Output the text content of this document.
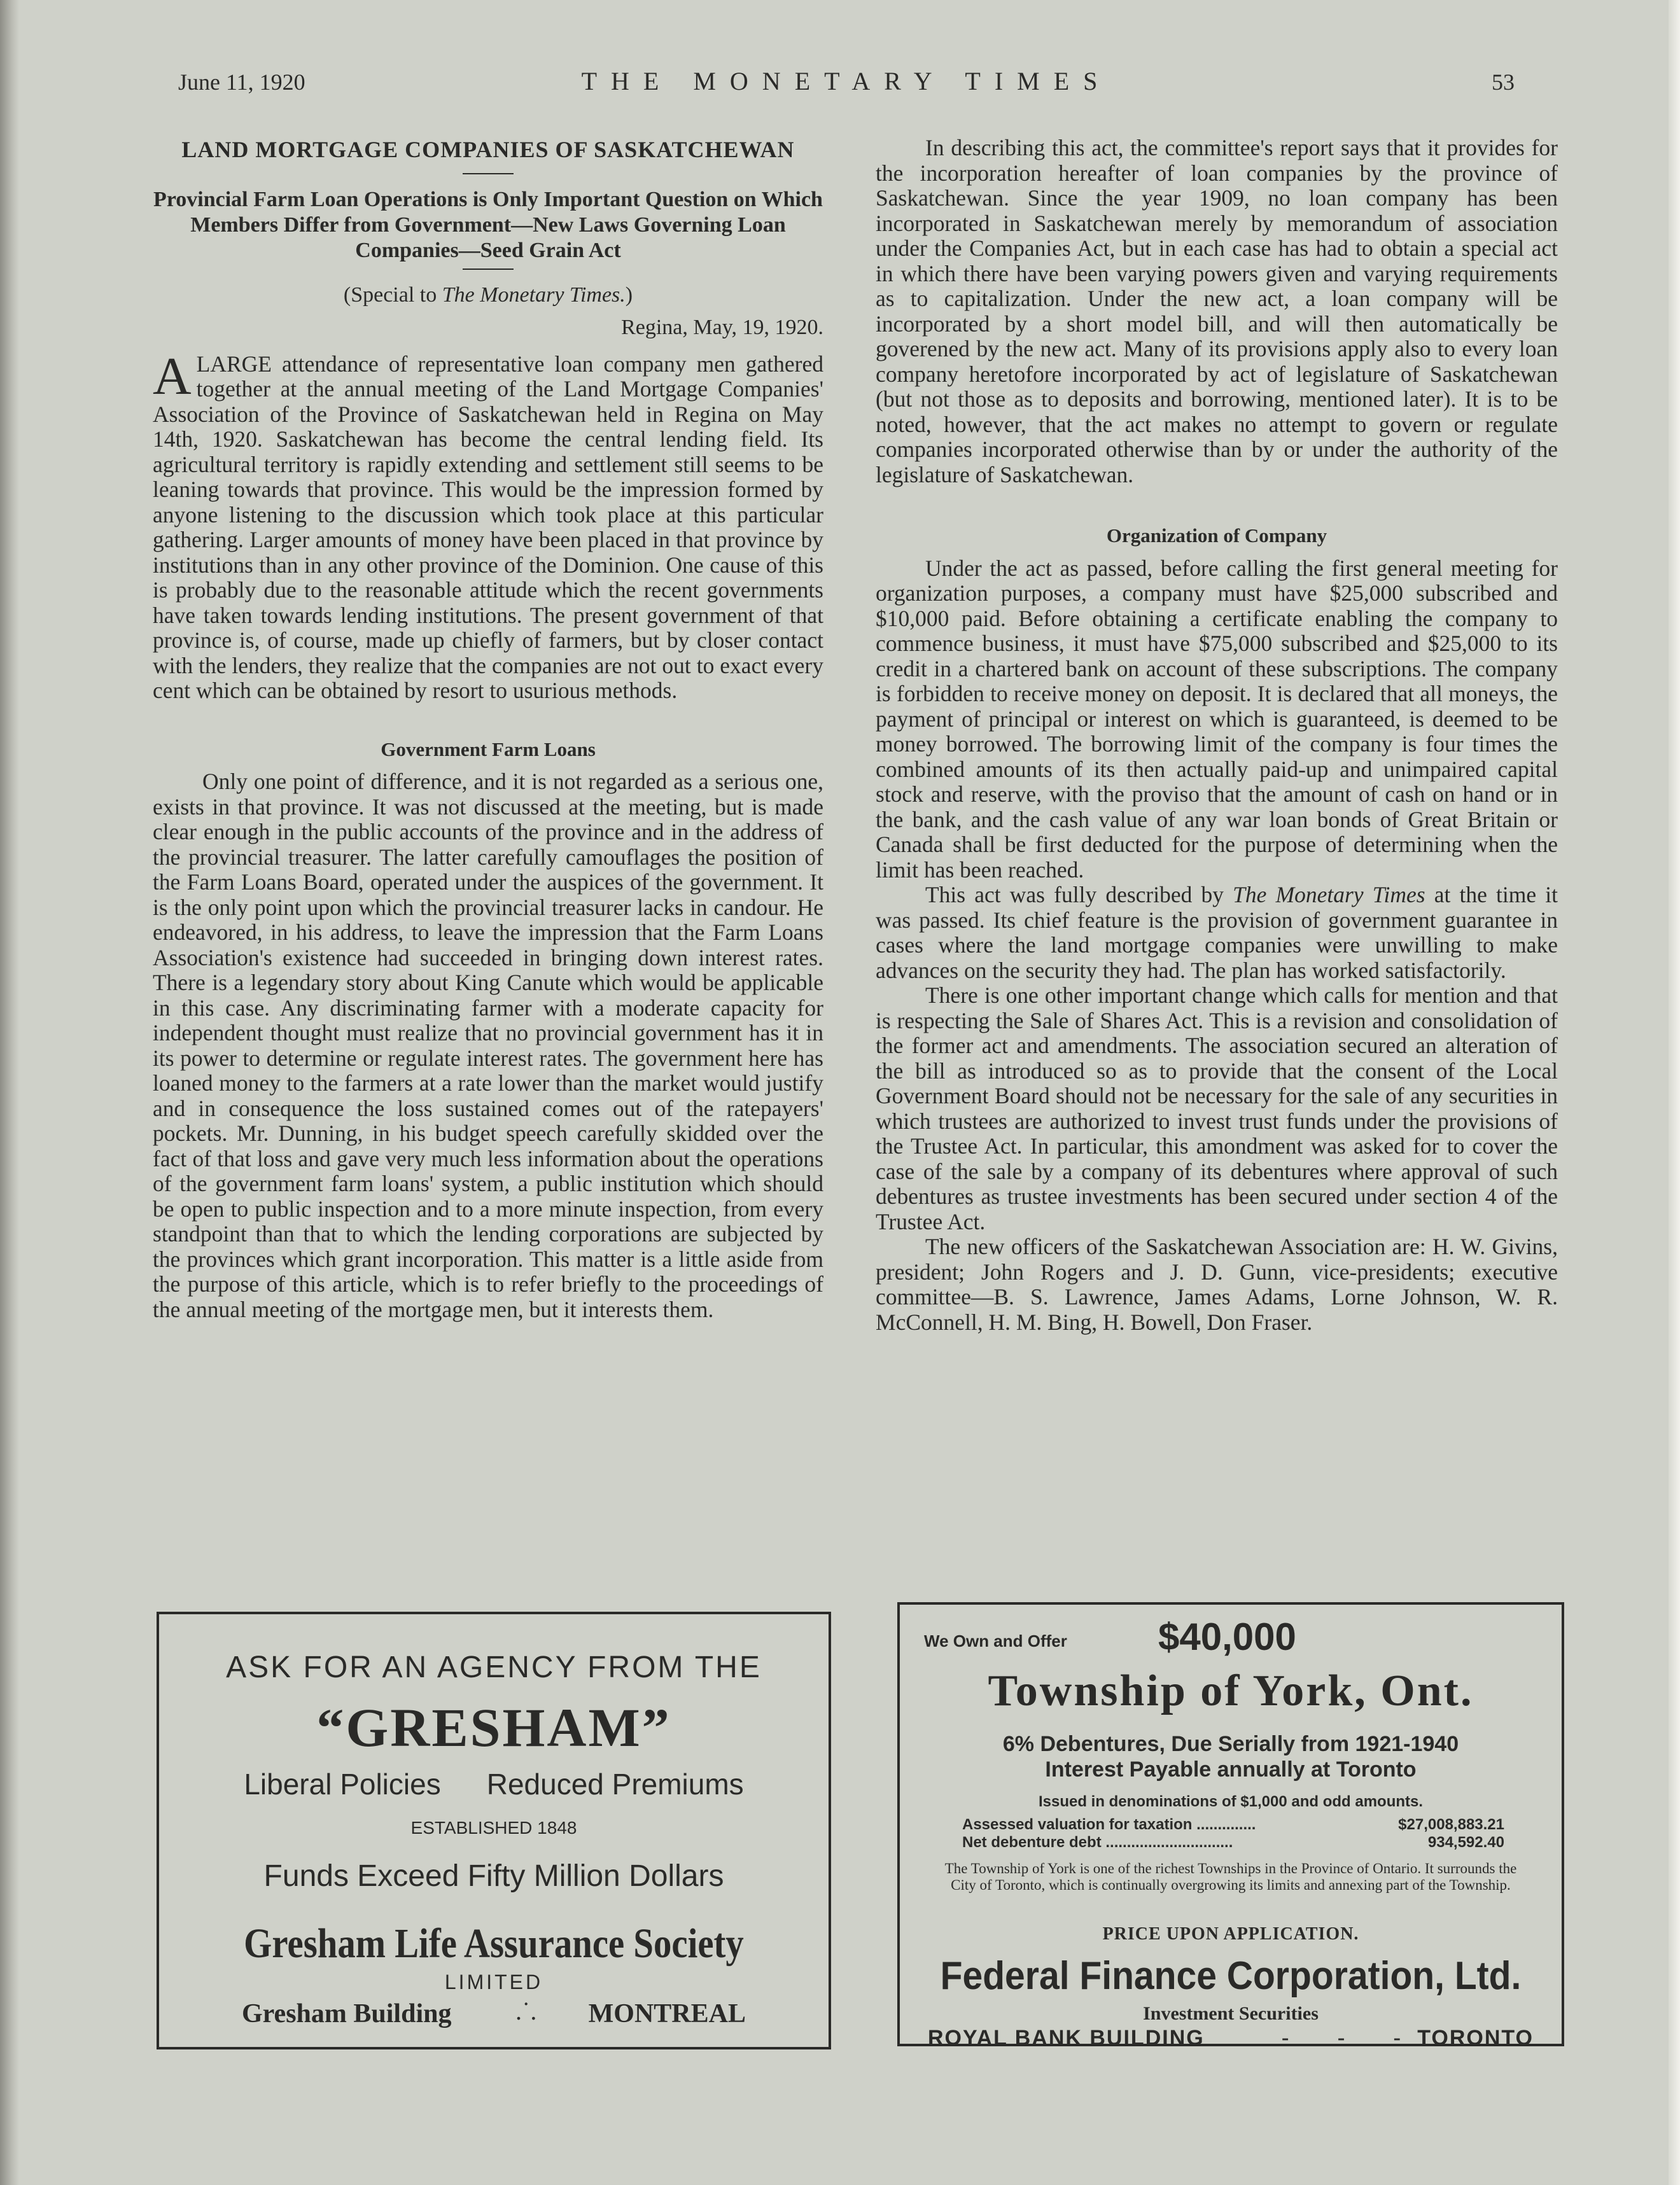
June 11, 1920	THE MONETARY TIMES	53
LAND MORTGAGE COMPANIES OF SASKATCHEWAN
Provincial Farm Loan Operations is Only Important Question on Which Members Differ from Government—New Laws Governing Loan Companies—Seed Grain Act
(Special to The Monetary Times.)
Regina, May, 19, 1920.

A LARGE attendance of representative loan company men gathered together at the annual meeting of the Land Mortgage Companies' Association of the Province of Saskatchewan held in Regina on May 14th, 1920. Saskatchewan has become the central lending field. Its agricultural territory is rapidly extending and settlement still seems to be leaning towards that province. This would be the impression formed by anyone listening to the discussion which took place at this particular gathering. Larger amounts of money have been placed in that province by institutions than in any other province of the Dominion. One cause of this is probably due to the reasonable attitude which the recent governments have taken towards lending institutions. The present government of that province is, of course, made up chiefly of farmers, but by closer contact with the lenders, they realize that the companies are not out to exact every cent which can be obtained by resort to usurious methods.

Government Farm Loans

Only one point of difference, and it is not regarded as a serious one, exists in that province. It was not discussed at the meeting, but is made clear enough in the public accounts of the province and in the address of the provincial treasurer. The latter carefully camouflages the position of the Farm Loans Board, operated under the auspices of the government. It is the only point upon which the provincial treasurer lacks in candour. He endeavored, in his address, to leave the impression that the Farm Loans Association's existence had succeeded in bringing down interest rates. There is a legendary story about King Canute which would be applicable in this case. Any discriminating farmer with a moderate capacity for independent thought must realize that no provincial government has it in its power to determine or regulate interest rates. The government here has loaned money to the farmers at a rate lower than the market would justify and in consequence the loss sustained comes out of the ratepayers' pockets. Mr. Dunning, in his budget speech carefully skidded over the fact of that loss and gave very much less information about the operations of the government farm loans' system, a public institution which should be open to public inspection and to a more minute inspection, from every standpoint than that to which the lending corporations are subjected by the provinces which grant incorporation. This matter is a little aside from the purpose of this article, which is to refer briefly to the proceedings of the annual meeting of the mortgage men, but it interests them.

In describing this act, the committee's report says that it provides for the incorporation hereafter of loan companies by the province of Saskatchewan. Since the year 1909, no loan company has been incorporated in Saskatchewan merely by memorandum of association under the Companies Act, but in each case has had to obtain a special act in which there have been varying powers given and varying requirements as to capitalization. Under the new act, a loan company will be incorporated by a short model bill, and will then automatically be goverened by the new act. Many of its provisions apply also to every loan company heretofore incorporated by act of legislature of Saskatchewan (but not those as to deposits and borrowing, mentioned later). It is to be noted, however, that the act makes no attempt to govern or regulate companies incorporated otherwise than by or under the authority of the legislature of Saskatchewan.

Organization of Company

Under the act as passed, before calling the first general meeting for organization purposes, a company must have $25,000 subscribed and $10,000 paid. Before obtaining a certificate enabling the company to commence business, it must have $75,000 subscribed and $25,000 to its credit in a chartered bank on account of these subscriptions. The company is forbidden to receive money on deposit. It is declared that all moneys, the payment of principal or interest on which is guaranteed, is deemed to be money borrowed. The borrowing limit of the company is four times the combined amounts of its then actually paid-up and unimpaired capital stock and reserve, with the proviso that the amount of cash on hand or in the bank, and the cash value of any war loan bonds of Great Britain or Canada shall be first deducted for the purpose of determining when the limit has been reached.

This act was fully described by The Monetary Times at the time it was passed. Its chief feature is the provision of government guarantee in cases where the land mortgage companies were unwilling to make advances on the security they had. The plan has worked satisfactorily.

There is one other important change which calls for mention and that is respecting the Sale of Shares Act. This is a revision and consolidation of the former act and amendments. The association secured an alteration of the bill as introduced so as to provide that the consent of the Local Government Board should not be necessary for the sale of any securities in which trustees are authorized to invest trust funds under the provisions of the Trustee Act. In particular, this amondment was asked for to cover the case of the sale by a company of its debentures where approval of such debentures as trustee investments has been secured under section 4 of the Trustee Act.

The new officers of the Saskatchewan Association are: H. W. Givins, president; John Rogers and J. D. Gunn, vice-presidents; executive committee—B. S. Lawrence, James Adams, Lorne Johnson, W. R. McConnell, H. M. Bing, H. Bowell, Don Fraser.

ASK FOR AN AGENCY FROM THE
“GRESHAM”
Liberal Policies Reduced Premiums
ESTABLISHED 1848
Funds Exceed Fifty Million Dollars
Gresham Life Assurance Society
LIMITED
Gresham Building	.˙. MONTREAL
We Own and Offer $40,000
Township of York, Ont.
6% Debentures, Due Serially from 1921-1940
Interest Payable annually at Toronto
Issued in denominations of $1,000 and odd amounts.
Assessed valuation for taxation ..............	$27,008,883.21
Net debenture debt ..............................	934,592.40
The Township of York is one of the richest Townships in the Province of Ontario. It surrounds the City of Toronto, which is continually overgrowing its limits and annexing part of the Township.
PRICE UPON APPLICATION.
Federal Finance Corporation, Ltd.
Investment Securities
ROYAL BANK BUILDING	- - -
TORONTO
